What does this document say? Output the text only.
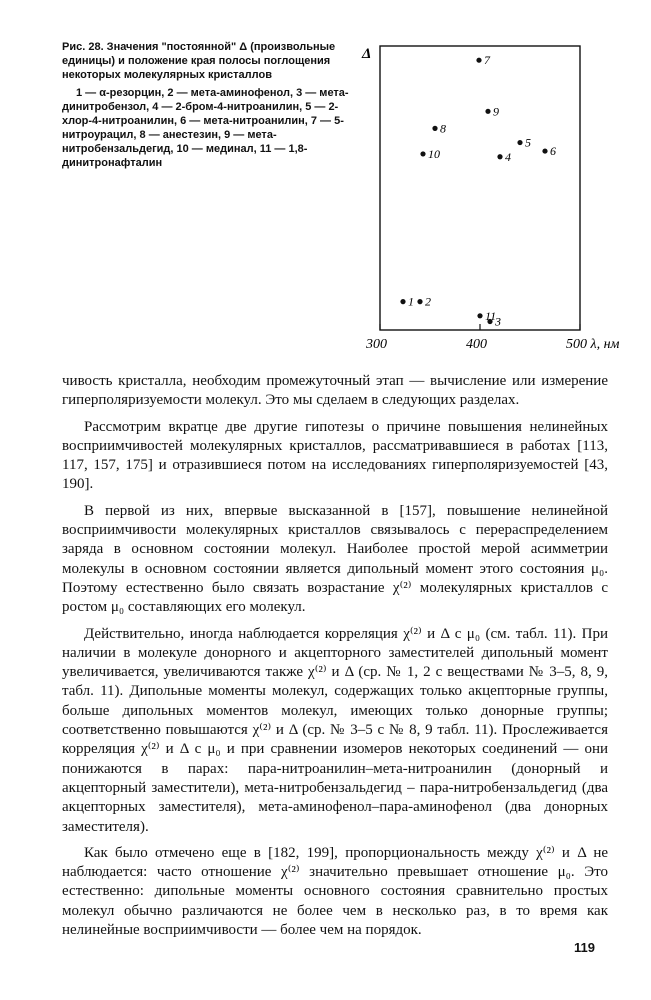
Рис. 28. Значения "постоянной" Δ (произвольные единицы) и положение края полосы поглощения некоторых молекулярных кристаллов

1 — α-резорцин, 2 — мета-аминофенол, 3 — мета-динитробензол, 4 — 2-бром-4-нитроанилин, 5 — 2-хлор-4-нитроанилин, 6 — мета-нитроанилин, 7 — 5-нитроурацил, 8 — анестезин, 9 — мета-нитробензальдегид, 10 — мединал, 11 — 1,8-динитронафталин

Δ
300	400	500 λ, нм
1 2
3
4
5
6
7
8
9
10
11

чивость кристалла, необходим промежуточный этап — вычисление или измерение гиперполяризуемости молекул. Это мы сделаем в следующих разделах.

Рассмотрим вкратце две другие гипотезы о причине повышения нелинейных восприимчивостей молекулярных кристаллов, рассматривавшиеся в работах [113, 117, 157, 175] и отразившиеся потом на исследованиях гиперполяризуемостей [43, 190].

В первой из них, впервые высказанной в [157], повышение нелинейной восприимчивости молекулярных кристаллов связывалось с перераспределением заряда в основном состоянии молекул. Наиболее простой мерой асимметрии молекулы в основном состоянии является дипольный момент этого состояния μ₀. Поэтому естественно было связать возрастание χ⁽²⁾ молекулярных кристаллов с ростом μ₀ составляющих его молекул.

Действительно, иногда наблюдается корреляция χ⁽²⁾ и Δ с μ₀ (см. табл. 11). При наличии в молекуле донорного и акцепторного заместителей дипольный момент увеличивается, увеличиваются также χ⁽²⁾ и Δ (ср. № 1, 2 с веществами № 3–5, 8, 9, табл. 11). Дипольные моменты молекул, содержащих только акцепторные группы, больше дипольных моментов молекул, имеющих только донорные группы; соответственно повышаются χ⁽²⁾ и Δ (ср. № 3–5 с № 8, 9 табл. 11). Прослеживается корреляция χ⁽²⁾ и Δ с μ₀ и при сравнении изомеров некоторых соединений — они понижаются в парах: пара-нитроанилин–мета-нитроанилин (донорный и акцепторный заместители), мета-нитробензальдегид – пара-нитробензальдегид (два акцепторных заместителя), мета-аминофенол–пара-аминофенол (два донорных заместителя).

Как было отмечено еще в [182, 199], пропорциональность между χ⁽²⁾ и Δ не наблюдается: часто отношение χ⁽²⁾ значительно превышает отношение μ₀. Это естественно: дипольные моменты основного состояния сравнительно простых молекул обычно различаются не более чем в несколько раз, в то время как нелинейные восприимчивости — более чем на порядок.

119
